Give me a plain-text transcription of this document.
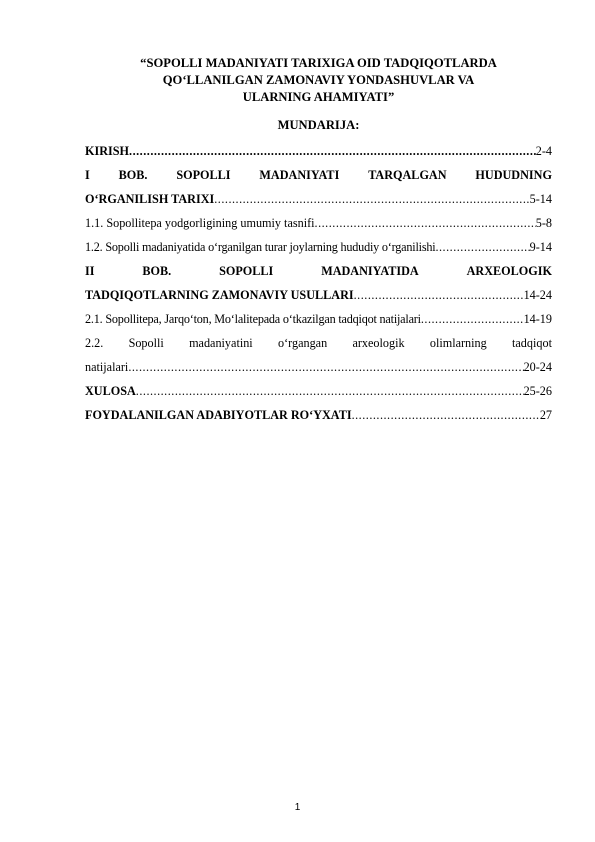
“SOPOLLI MADANIYATI TARIXIGA OID TADQIQOTLARDA
QO‘LLANILGAN ZAMONAVIY YONDASHUVLAR VA
ULARNING AHAMIYATI”
MUNDARIJA:
KIRISH .....	2-4
I BOB. SOPOLLI MADANIYATI TARQALGAN HUDUDNING
O‘RGANILISH TARIXI .....	5-14
1.1. Sopollitepa yodgorligining umumiy tasnifi .....	5-8
1.2. Sopolli madaniyatida o‘rganilgan turar joylarning hududiy o‘rganilishi .....	9-14
II	BOB.	SOPOLLI	MADANIYATIDA	ARXEOLOGIK
TADQIQOTLARNING ZAMONAVIY USULLARI .....	14-24
2.1. Sopollitepa, Jarqo‘ton, Mo‘lalitepada o‘tkazilgan tadqiqot natijalari .....	14-19
2.2. Sopolli madaniyatini o‘rgangan arxeologik olimlarning tadqiqot
natijalari .....	20-24
XULOSA .....	25-26
FOYDALANILGAN ADABIYOTLAR RO‘YXATI .....	27
1
